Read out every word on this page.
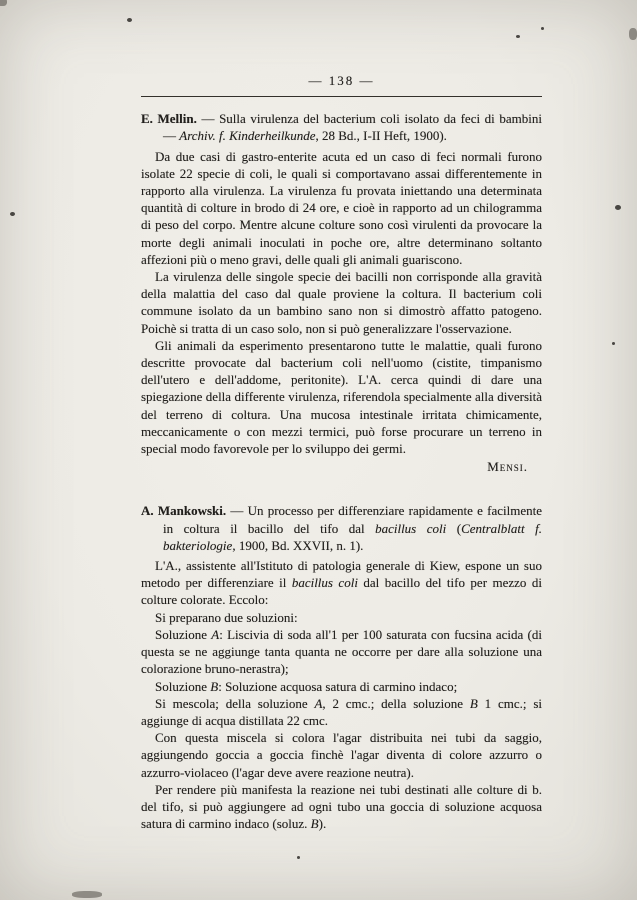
— 138 —

E. Mellin. — Sulla virulenza del bacterium coli isolato da feci di bambini — Archiv. f. Kinderheilkunde, 28 Bd., I-II Heft, 1900).

Da due casi di gastro-enterite acuta ed un caso di feci normali furono isolate 22 specie di coli, le quali si comportavano assai differentemente in rapporto alla virulenza. La virulenza fu provata iniettando una determinata quantità di colture in brodo di 24 ore, e cioè in rapporto ad un chilogramma di peso del corpo. Mentre alcune colture sono così virulenti da provocare la morte degli animali inoculati in poche ore, altre determinano soltanto affezioni più o meno gravi, delle quali gli animali guariscono.

La virulenza delle singole specie dei bacilli non corrisponde alla gravità della malattia del caso dal quale proviene la coltura. Il bacterium coli commune isolato da un bambino sano non si dimostrò affatto patogeno. Poichè si tratta di un caso solo, non si può generalizzare l'osservazione.

Gli animali da esperimento presentarono tutte le malattie, quali furono descritte provocate dal bacterium coli nell'uomo (cistite, timpanismo dell'utero e dell'addome, peritonite). L'A. cerca quindi di dare una spiegazione della differente virulenza, riferendola specialmente alla diversità del terreno di coltura. Una mucosa intestinale irritata chimicamente, meccanicamente o con mezzi termici, può forse procurare un terreno in special modo favorevole per lo sviluppo dei germi.

Mensi.

A. Mankowski. — Un processo per differenziare rapidamente e facilmente in coltura il bacillo del tifo dal bacillus coli (Centralblatt f. bakteriologie, 1900, Bd. XXVII, n. 1).

L'A., assistente all'Istituto di patologia generale di Kiew, espone un suo metodo per differenziare il bacillus coli dal bacillo del tifo per mezzo di colture colorate. Eccolo:

Si preparano due soluzioni:

Soluzione A: Liscivia di soda all'1 per 100 saturata con fucsina acida (di questa se ne aggiunge tanta quanta ne occorre per dare alla soluzione una colorazione bruno-nerastra);

Soluzione B: Soluzione acquosa satura di carmino indaco;

Si mescola; della soluzione A, 2 cmc.; della soluzione B 1 cmc.; si aggiunge di acqua distillata 22 cmc.

Con questa miscela si colora l'agar distribuita nei tubi da saggio, aggiungendo goccia a goccia finchè l'agar diventa di colore azzurro o azzurro-violaceo (l'agar deve avere reazione neutra).

Per rendere più manifesta la reazione nei tubi destinati alle colture di b. del tifo, si può aggiungere ad ogni tubo una goccia di soluzione acquosa satura di carmino indaco (soluz. B).
